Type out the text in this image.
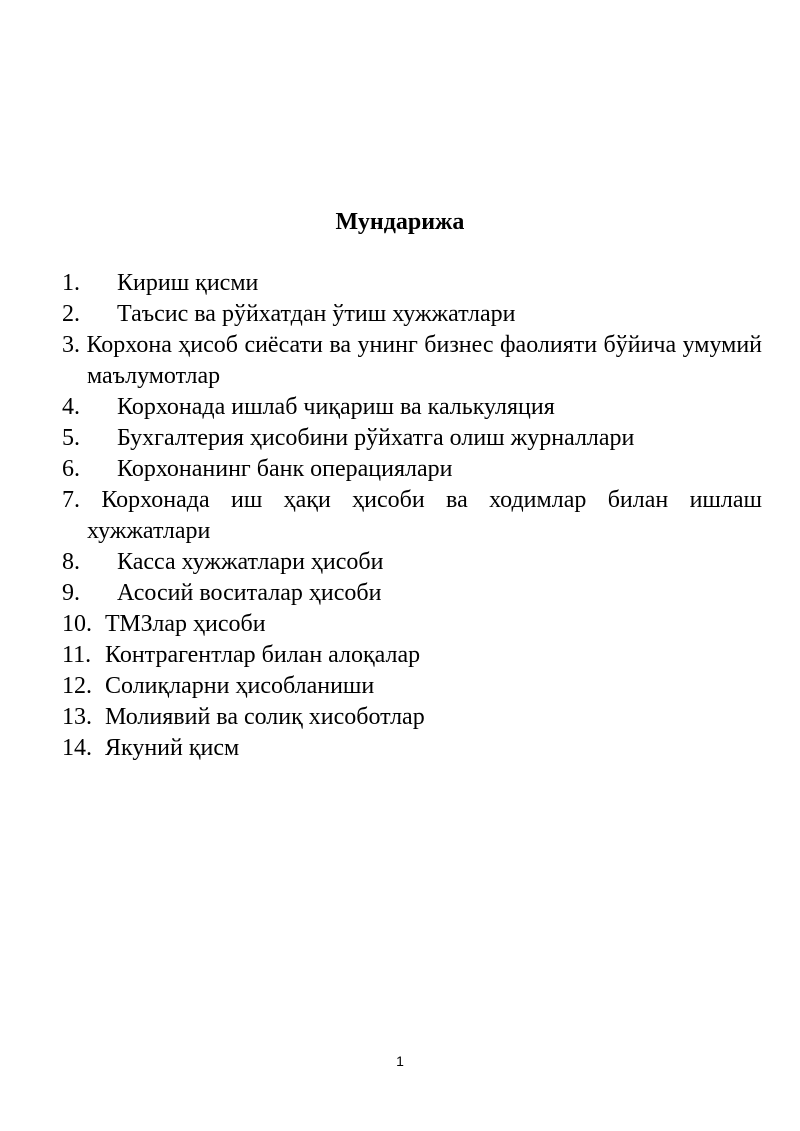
Мундарижа
1.	Кириш қисми
2.	Таъсис ва рўйхатдан ўтиш хужжатлари
3. Корхона ҳисоб сиёсати ва унинг бизнес фаолияти бўйича умумий маълумотлар
4.	Корхонада ишлаб чиқариш ва калькуляция
5.	Бухгалтерия ҳисобини рўйхатга олиш журналлари
6.	Корхонанинг банк операциялари
7. Корхонада иш ҳақи ҳисоби ва ходимлар билан ишлаш хужжатлари
8.	Касса хужжатлари ҳисоби
9.	Асосий воситалар ҳисоби
10. ТМЗлар ҳисоби
11. Контрагентлар билан алоқалар
12. Солиқларни ҳисобланиши
13. Молиявий ва солиқ хисоботлар
14. Якуний қисм
1
